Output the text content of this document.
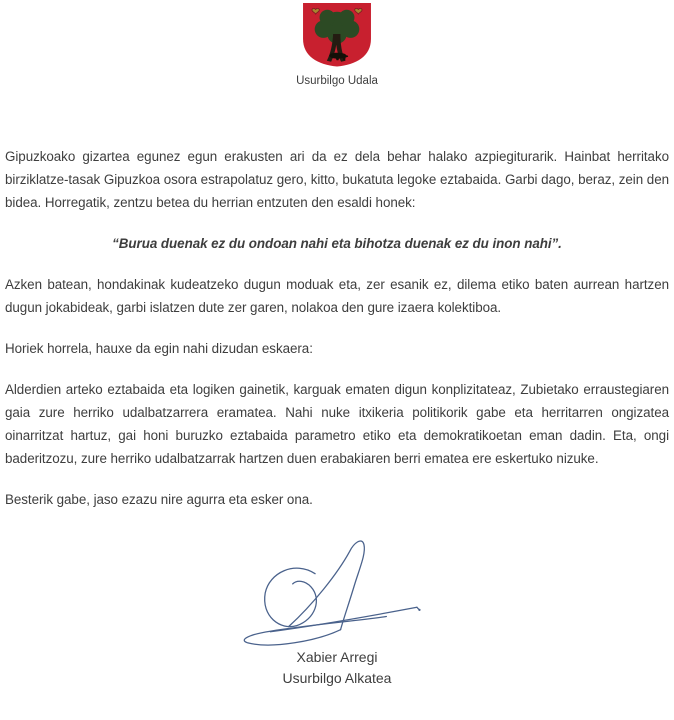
Usurbilgo Udala

Gipuzkoako gizartea egunez egun erakusten ari da ez dela behar halako azpiegiturarik. Hainbat herritako birziklatze-tasak Gipuzkoa osora estrapolatuz gero, kitto, bukatuta legoke eztabaida. Garbi dago, beraz, zein den bidea. Horregatik, zentzu betea du herrian entzuten den esaldi honek:

“Burua duenak ez du ondoan nahi eta bihotza duenak ez du inon nahi”.

Azken batean, hondakinak kudeatzeko dugun moduak eta, zer esanik ez, dilema etiko baten aurrean hartzen dugun jokabideak, garbi islatzen dute zer garen, nolakoa den gure izaera kolektiboa.

Horiek horrela, hauxe da egin nahi dizudan eskaera:

Alderdien arteko eztabaida eta logiken gainetik, karguak ematen digun konplizitateaz, Zubietako erraustegiaren gaia zure herriko udalbatzarrera eramatea. Nahi nuke itxikeria politikorik gabe eta herritarren ongizatea oinarritzat hartuz, gai honi buruzko eztabaida parametro etiko eta demokratikoetan eman dadin. Eta, ongi baderitzozu, zure herriko udalbatzarrak hartzen duen erabakiaren berri ematea ere eskertuko nizuke.

Besterik gabe, jaso ezazu nire agurra eta esker ona.

Xabier Arregi
Usurbilgo Alkatea
